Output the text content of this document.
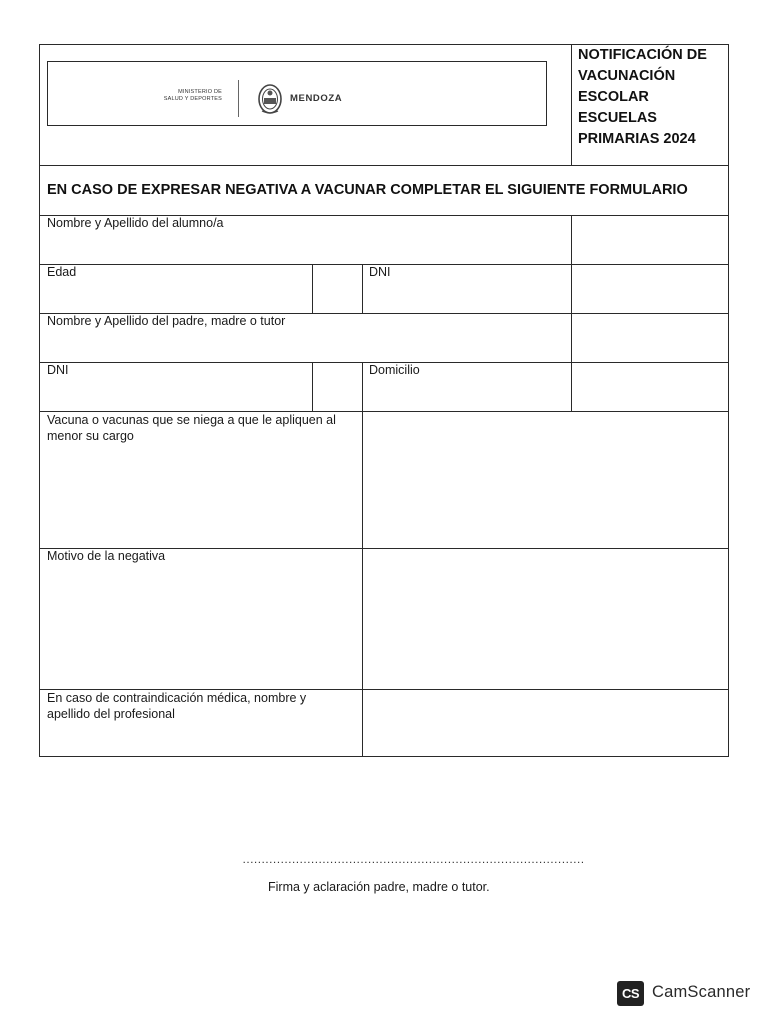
MINISTERIO DE
SALUD Y DEPORTES	MENDOZA
NOTIFICACIÓN DE
VACUNACIÓN
ESCOLAR
ESCUELAS
PRIMARIAS 2024
EN CASO DE EXPRESAR NEGATIVA A VACUNAR COMPLETAR EL SIGUIENTE FORMULARIO
Nombre y Apellido del alumno/a
Edad	DNI
Nombre y Apellido del padre, madre o tutor
DNI	Domicilio
Vacuna o vacunas que se niega a que le apliquen al
menor su cargo
Motivo de la negativa
En caso de contraindicación médica, nombre y
apellido del profesional
………………………………………………………………………………
Firma y aclaración padre, madre o tutor.
CS CamScanner
